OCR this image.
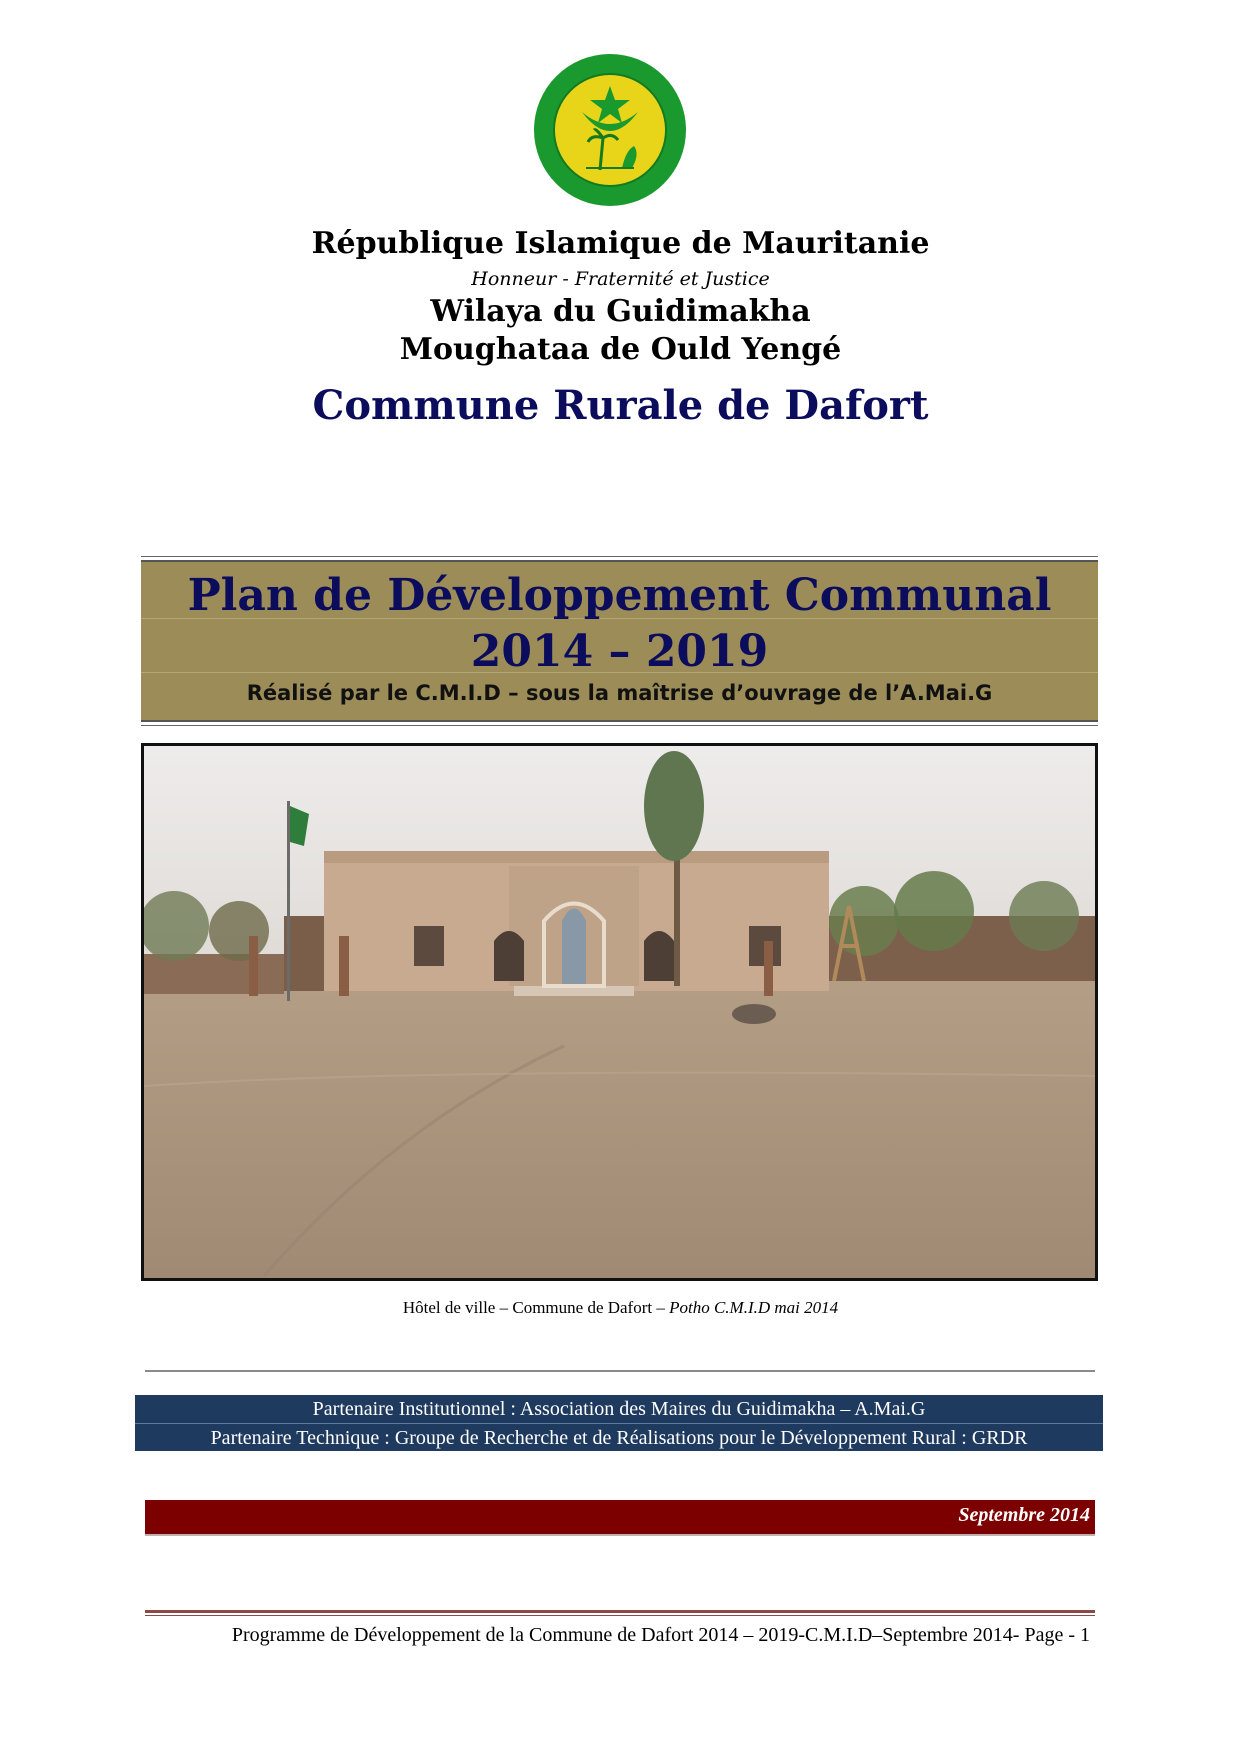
République Islamique de Mauritanie
Honneur - Fraternité et Justice
Wilaya du Guidimakha
Moughataa de Ould Yengé
Commune Rurale de Dafort
Plan de Développement Communal
2014 – 2019
Réalisé par le C.M.I.D – sous la maîtrise d’ouvrage de l’A.Mai.G
Hôtel de ville – Commune de Dafort – Potho C.M.I.D mai 2014
Partenaire Institutionnel : Association des Maires du Guidimakha – A.Mai.G
Partenaire Technique : Groupe de Recherche et de Réalisations pour le Développement Rural : GRDR
Septembre 2014
Programme de Développement de la Commune de Dafort 2014 – 2019-C.M.I.D–Septembre 2014- Page - 1
